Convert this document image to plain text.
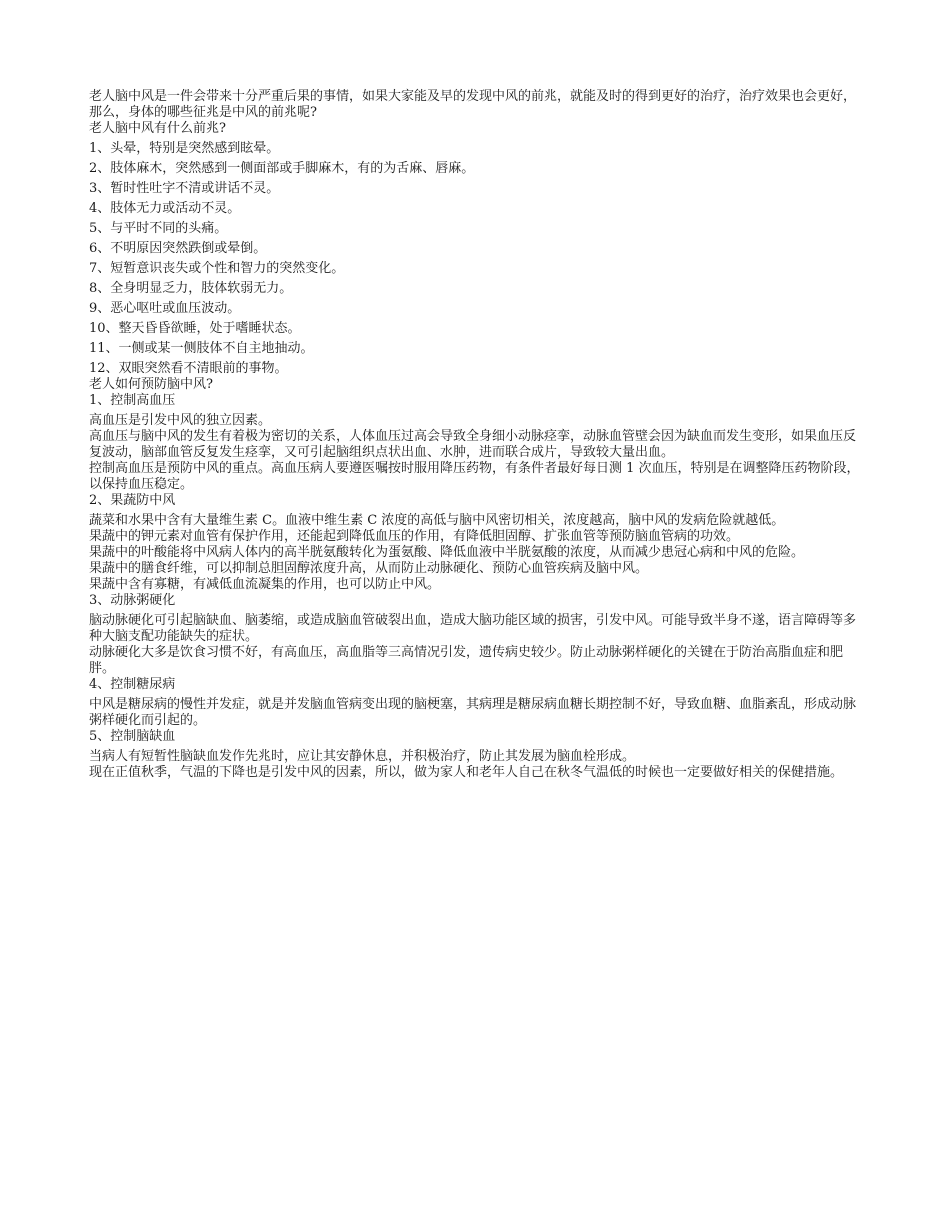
老人脑中风是一件会带来十分严重后果的事情，如果大家能及早的发现中风的前兆，就能及时的得到更好的治疗，治疗效果也会更好，那么，身体的哪些征兆是中风的前兆呢?

老人脑中风有什么前兆?

1、头晕，特别是突然感到眩晕。

2、肢体麻木，突然感到一侧面部或手脚麻木，有的为舌麻、唇麻。

3、暂时性吐字不清或讲话不灵。

4、肢体无力或活动不灵。

5、与平时不同的头痛。

6、不明原因突然跌倒或晕倒。

7、短暂意识丧失或个性和智力的突然变化。

8、全身明显乏力，肢体软弱无力。

9、恶心呕吐或血压波动。

10、整天昏昏欲睡，处于嗜睡状态。

11、一侧或某一侧肢体不自主地抽动。

12、双眼突然看不清眼前的事物。

老人如何预防脑中风?

1、控制高血压

高血压是引发中风的独立因素。

高血压与脑中风的发生有着极为密切的关系，人体血压过高会导致全身细小动脉痉挛，动脉血管壁会因为缺血而发生变形，如果血压反复波动，脑部血管反复发生痉挛，又可引起脑组织点状出血、水肿，进而联合成片，导致较大量出血。

控制高血压是预防中风的重点。高血压病人要遵医嘱按时服用降压药物，有条件者最好每日测 1 次血压，特别是在调整降压药物阶段，以保持血压稳定。

2、果蔬防中风

蔬菜和水果中含有大量维生素 C。血液中维生素 C 浓度的高低与脑中风密切相关，浓度越高，脑中风的发病危险就越低。

果蔬中的钾元素对血管有保护作用，还能起到降低血压的作用，有降低胆固醇、扩张血管等预防脑血管病的功效。

果蔬中的叶酸能将中风病人体内的高半胱氨酸转化为蛋氨酸、降低血液中半胱氨酸的浓度，从而减少患冠心病和中风的危险。

果蔬中的膳食纤维，可以抑制总胆固醇浓度升高，从而防止动脉硬化、预防心血管疾病及脑中风。

果蔬中含有寡糖，有减低血流凝集的作用，也可以防止中风。

3、动脉粥硬化

脑动脉硬化可引起脑缺血、脑萎缩，或造成脑血管破裂出血，造成大脑功能区域的损害，引发中风。可能导致半身不遂，语言障碍等多种大脑支配功能缺失的症状。

动脉硬化大多是饮食习惯不好，有高血压，高血脂等三高情况引发，遗传病史较少。防止动脉粥样硬化的关键在于防治高脂血症和肥胖。

4、控制糖尿病

中风是糖尿病的慢性并发症，就是并发脑血管病变出现的脑梗塞，其病理是糖尿病血糖长期控制不好，导致血糖、血脂紊乱，形成动脉粥样硬化而引起的。

5、控制脑缺血

当病人有短暂性脑缺血发作先兆时，应让其安静休息，并积极治疗，防止其发展为脑血栓形成。

现在正值秋季，气温的下降也是引发中风的因素，所以，做为家人和老年人自己在秋冬气温低的时候也一定要做好相关的保健措施。
